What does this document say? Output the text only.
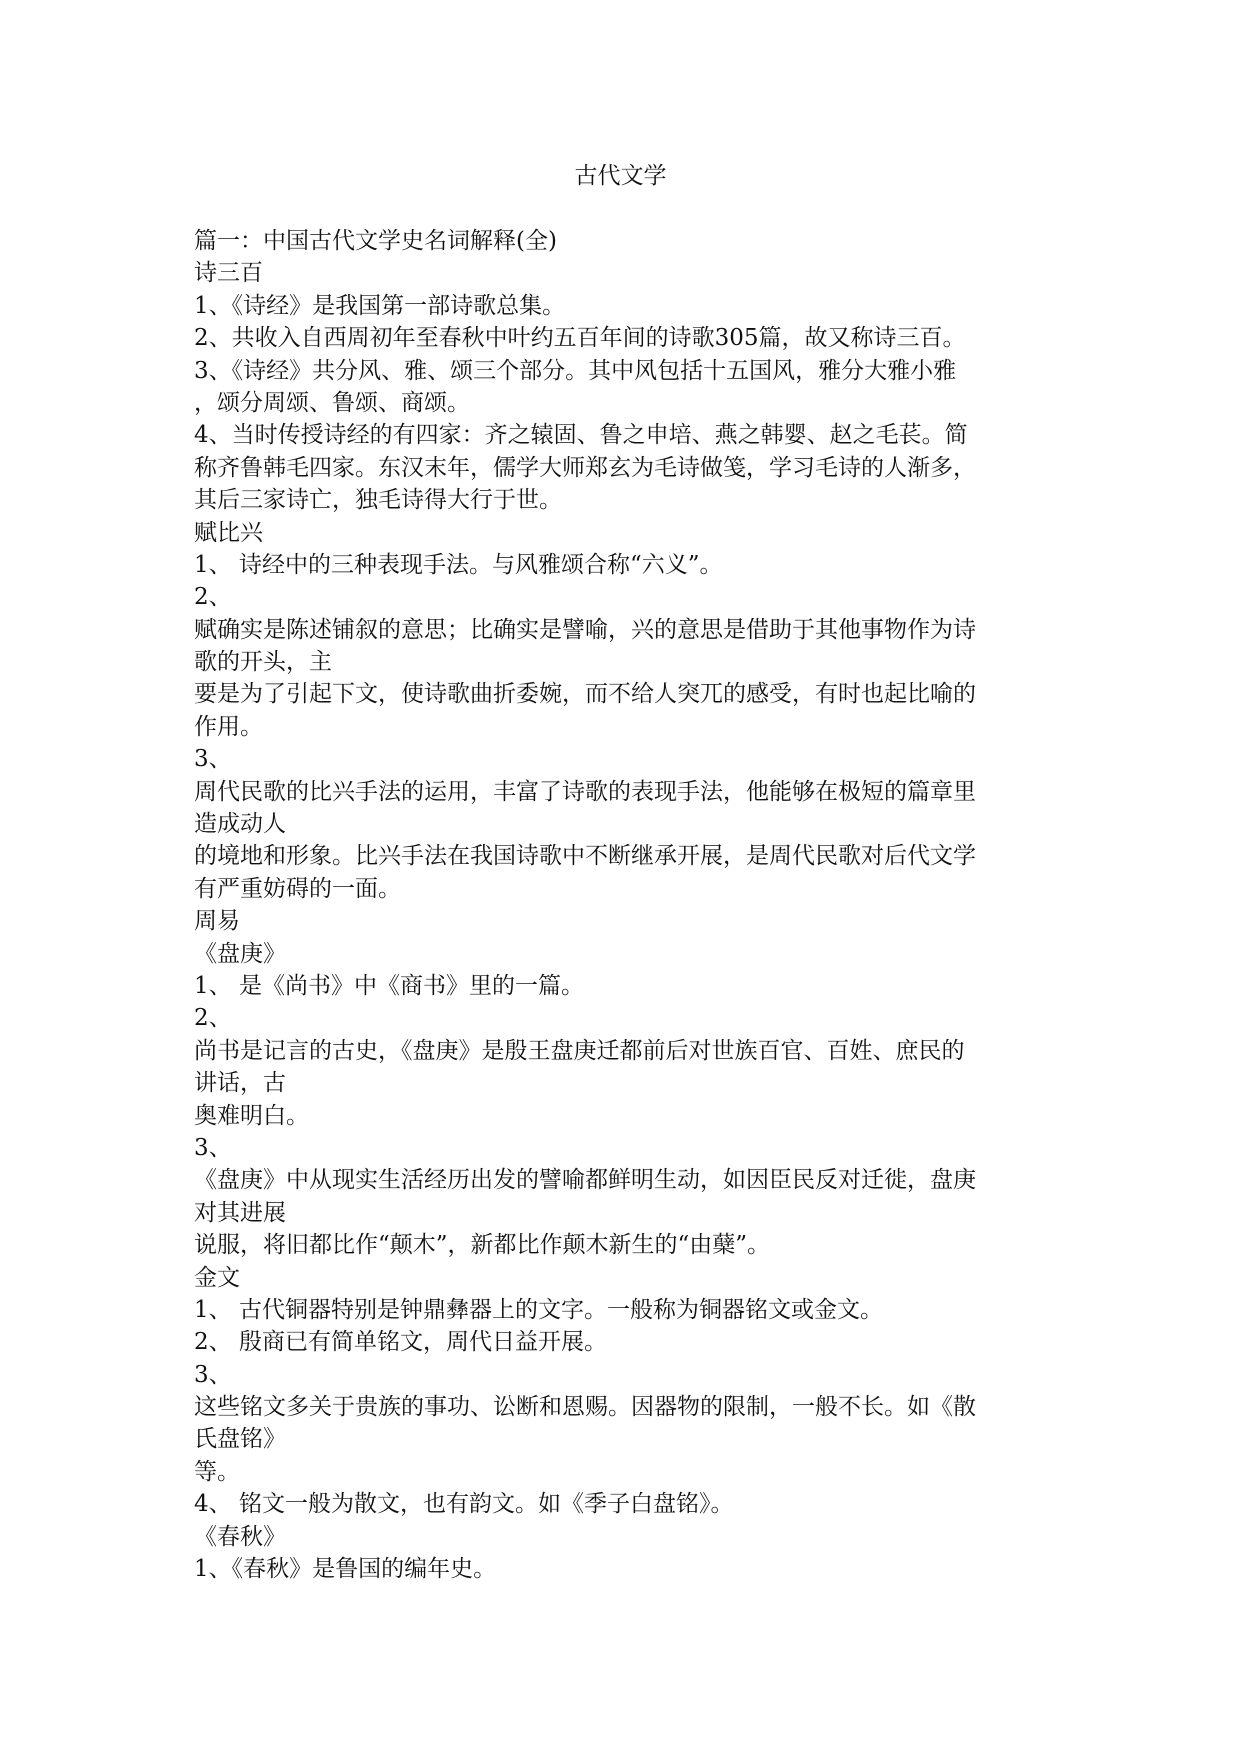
古代文学
篇一：中国古代文学史名词解释(全)
诗三百
1、《诗经》是我国第一部诗歌总集。
2、共收入自西周初年至春秋中叶约五百年间的诗歌305篇，故又称诗三百。
3、《诗经》共分风、雅、颂三个部分。其中风包括十五国风，雅分大雅小雅
，颂分周颂、鲁颂、商颂。
4、当时传授诗经的有四家：齐之辕固、鲁之申培、燕之韩婴、赵之毛苌。简
称齐鲁韩毛四家。东汉末年，儒学大师郑玄为毛诗做笺，学习毛诗的人渐多，
其后三家诗亡，独毛诗得大行于世。
赋比兴
1、 诗经中的三种表现手法。与风雅颂合称“六义”。
2、
赋确实是陈述铺叙的意思；比确实是譬喻，兴的意思是借助于其他事物作为诗
歌的开头，主
要是为了引起下文，使诗歌曲折委婉，而不给人突兀的感受，有时也起比喻的
作用。
3、
周代民歌的比兴手法的运用，丰富了诗歌的表现手法，他能够在极短的篇章里
造成动人
的境地和形象。比兴手法在我国诗歌中不断继承开展，是周代民歌对后代文学
有严重妨碍的一面。
周易
《盘庚》
1、 是《尚书》中《商书》里的一篇。
2、
尚书是记言的古史，《盘庚》是殷王盘庚迁都前后对世族百官、百姓、庶民的
讲话，古
奥难明白。
3、
《盘庚》中从现实生活经历出发的譬喻都鲜明生动，如因臣民反对迁徙，盘庚
对其进展
说服，将旧都比作“颠木”，新都比作颠木新生的“由蘖”。
金文
1、 古代铜器特别是钟鼎彝器上的文字。一般称为铜器铭文或金文。
2、 殷商已有简单铭文，周代日益开展。
3、
这些铭文多关于贵族的事功、讼断和恩赐。因器物的限制，一般不长。如《散
氏盘铭》
等。
4、 铭文一般为散文，也有韵文。如《季子白盘铭》。
《春秋》
1、《春秋》是鲁国的编年史。
